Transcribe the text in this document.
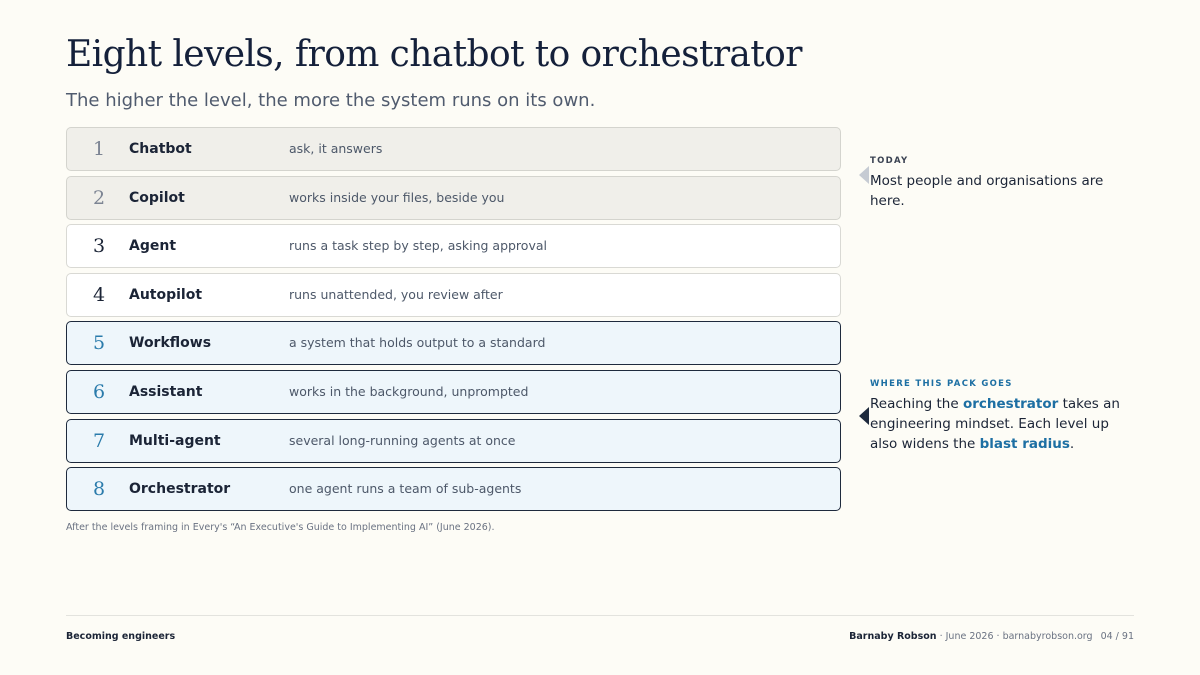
Eight levels, from chatbot to orchestrator

The higher the level, the more the system runs on its own.

1	Chatbot	ask, it answers
2	Copilot	works inside your files, beside you
3	Agent	runs a task step by step, asking approval
4	Autopilot	runs unattended, you review after
5	Workflows	a system that holds output to a standard
6	Assistant	works in the background, unprompted
7	Multi-agent	several long-running agents at once
8	Orchestrator	one agent runs a team of sub-agents
After the levels framing in Every's “An Executive's Guide to Implementing AI” (June 2026).
TODAY
Most people and organisations are here.
WHERE THIS PACK GOES
Reaching the orchestrator takes an engineering mindset. Each level up also widens the blast radius.
Becoming engineers	Barnaby Robson · June 2026 · barnabyrobson.org 04 / 91
